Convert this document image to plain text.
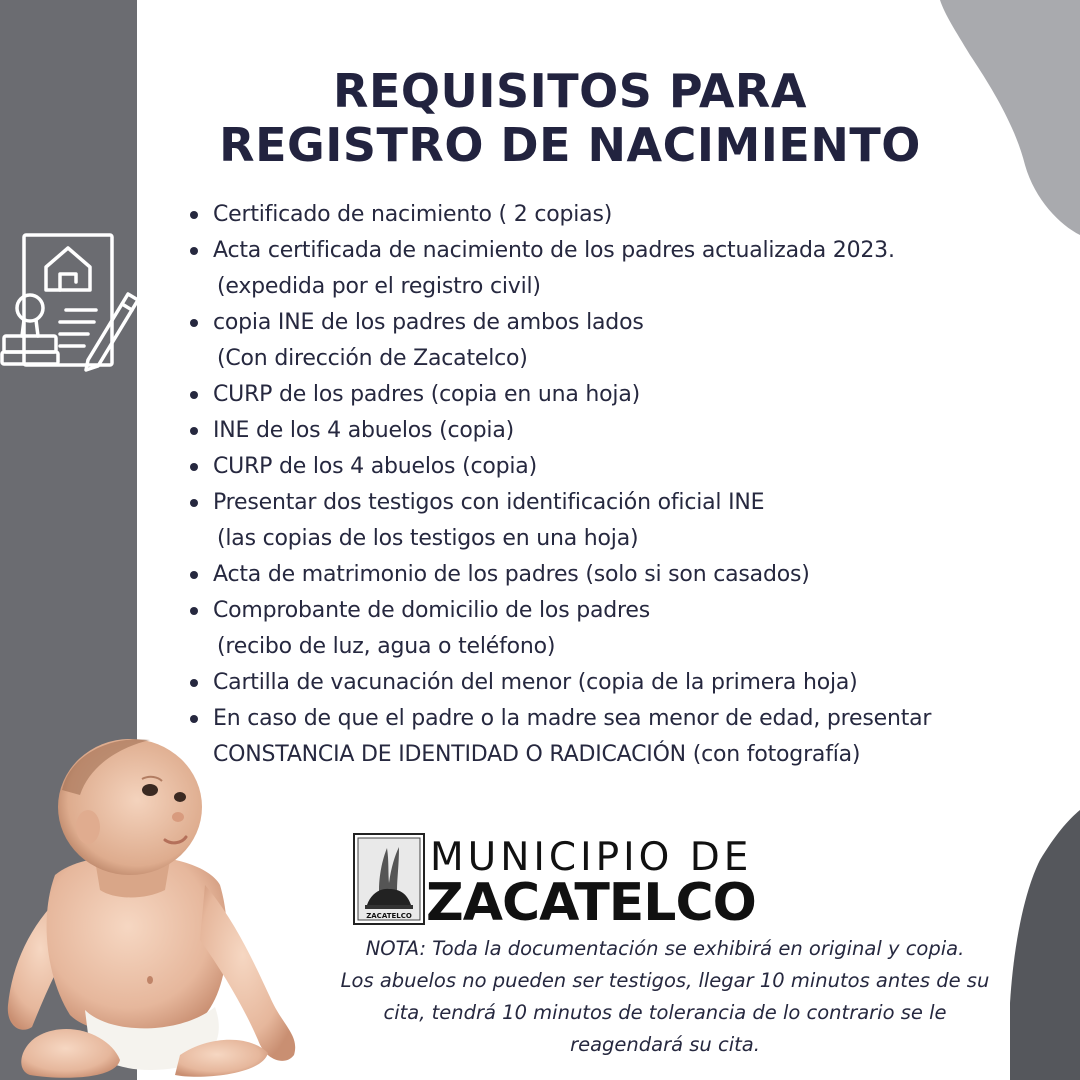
REQUISITOS PARA
REGISTRO DE NACIMIENTO
Certificado de nacimiento ( 2 copias)
Acta certificada de nacimiento de los padres actualizada 2023.
(expedida por el registro civil)
copia INE de los padres de ambos lados
(Con dirección de Zacatelco)
CURP de los padres (copia en una hoja)
INE de los 4 abuelos (copia)
CURP de los 4 abuelos (copia)
Presentar dos testigos con identificación oficial INE
(las copias de los testigos en una hoja)
Acta de matrimonio de los padres (solo si son casados)
Comprobante de domicilio de los padres
(recibo de luz, agua o teléfono)
Cartilla de vacunación del menor (copia de la primera hoja)
En caso de que el padre o la madre sea menor de edad, presentar
CONSTANCIA DE IDENTIDAD O RADICACIÓN (con fotografía)
ZACATELCO
MUNICIPIO DE
ZACATELCO

NOTA: Toda la documentación se exhibirá en original y copia.
Los abuelos no pueden ser testigos, llegar 10 minutos antes de su
cita, tendrá 10 minutos de tolerancia de lo contrario se le
reagendará su cita.
